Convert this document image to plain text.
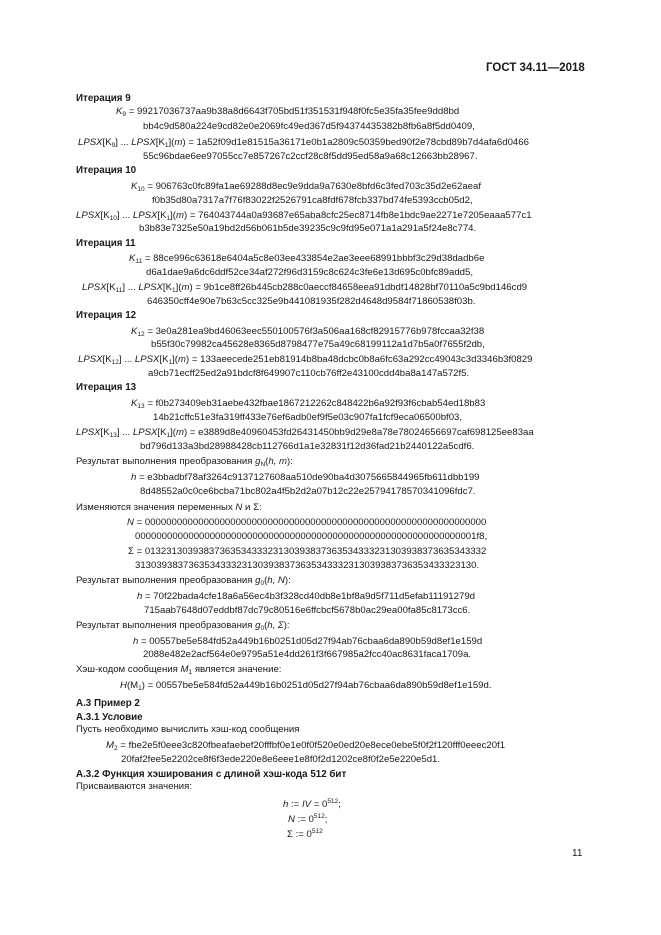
ГОСТ 34.11—2018
Итерация 9
$K_9 = 99217036737aa9b38a8d6643f705bd51f351531f948f0fc5e35fa35fee9dd8bd$
bb4c9d580a224e9cd82e0e2069fc49ed367d5f94374435382b8fb6a8f5dd0409,
$LPSX[K_9]$ ... $LPSX[K_1](m) = 1a52f09d1e81515a36171e0b1a2809c50359bed90f2e78cbd89b7d4afa6d0466$
55c96bdae6ee97055cc7e857267c2ccf28c8f5dd95ed58a9a68c12663bb28967.
Итерация 10
$K_{10}$ = 906763c0fc89fa1ae69288d8ec9e9dda9a7630e8bfd6c3fed703c35d2e62aeaf
f0b35d80a7317a7f76f83022f2526791ca8fdf678fcb337bd74fe5393ccb05d2,
$LPSX[K_{10}]$ ... $LPSX[K_1](m)$ = 764043744a0a93687e65aba8cfc25ec8714fb8e1bdc9ae2271e7205eaaa577c1
b3b83e7325e50a19bd2d56b061b5de39235c9c9fd95e071a1a291a5f24e8c774.
Итерация 11
$K_{11}$ = 88ce996c63618e6404a5c8e03ee433854e2ae3eee68991bbbf3c29d38dadb6e
d6a1dae9a6dc6ddf52ce34af272f96d3159c8c624c3fe6e13d695c0bfc89add5,
$LPSX[K_{11}]$ ... $LPSX[K_1](m)$ = 9b1ce8ff26b445cb288c0aeccf84658eea91dbdf14828bf70110a5c9bd146cd9
646350cff4e90e7b63c5cc325e9b441081935f282d4648d9584f71860538f03b.
Итерация 12
$K_{12}$ = 3e0a281ea9bd46063eec550100576f3a506aa168cf82915776b978fccaa32f38
b55f30c79982ca45628e8365d8798477e75a49c68199112a1d7b5a0f7655f2db,
$LPSX[K_{12}]$ ... $LPSX[K_1](m)$ = 133aeecede251eb81914b8ba48dcbc0b8a6fc63a292cc49043c3d3346b3f0829
a9cb71ecff25ed2a91bdcf8f649907c110cb76ff2e43100cdd4ba8a147a572f5.
Итерация 13
$K_{13}$ = f0b273409eb31aebe432fbae1867212262c848422b6a92f93f6cbab54ed18b83
14b21cffc51e3fa319ff433e76ef6adb0ef9f5e03c907fa1fcf9eca06500bf03,
$LPSX[K_{13}]$ ... $LPSX[K_1](m) = e3889d8e40960453fd26431450bb9d29e8a78e78024656697caf698125ee83aa$
bd796d133a3bd28988428cb112766d1a1e32831f12d36fad21b2440122a5cdf6.
Результат выполнения преобразования $g_N(h$, m):
h = e3bbadbf78af3264c9137127608aa510de90ba4d3075665844965fb611dbb199
8d48552a0c0ce6bcba71bc802a4f5b2d2a07b12c22e25794178570341096fdc7.
Изменяются значения переменных N и Σ:
N = 0000000000000000000000000000000000000000000000000000000000000000
0000000000000000000000000000000000000000000000000000000000000001f8,
Σ = 0132313039383736353433323130393837363534333231303938373635343332
3130393837363534333231303938373635343332313039383736353433323130.
Результат выполнения преобразования $g_0(h$, N):
h = 70f22bada4cfe18a6a56ec4b3f328cd40db8e1bf8a9d5f711d5efab11191279d
715aab7648d07eddbf87dc79c80516e6ffcbcf5678b0ac29ea00fa85c8173cc6.
Результат выполнения преобразования $g_0(h$, Σ):
h = 00557be5e584fd52a449b16b0251d05d27f94ab76cbaa6da890b59d8ef1e159d
2088e482e2acf564e0e9795a51e4dd261f3f667985a2fcc40ac8631faca1709a.
Хэш-кодом сообщения $M_1$ является значение:
$H(M_1)$ = 00557be5e584fd52a449b16b0251d05d27f94ab76cbaa6da890b59d8ef1e159d.
А.3 Пример 2
А.3.1 Условие
Пусть необходимо вычислить хэш-код сообщения
$M_2$ = fbe2e5f0eee3c820fbeafaebef20fffbf0e1e0f0f520e0ed20e8ece0ebe5f0f2f120fff0eeec20f1
20faf2fee5e2202ce8f6f3ede220e8e6eee1e8f0f2d1202ce8f0f2e5e220e5d1.
А.3.2 Функция хэширования с длиной хэш-кода 512 бит
Присваиваются значения:
h := IV = $0^{512}$;
N := $0^{512}$;
Σ := $0^{512}$
11
